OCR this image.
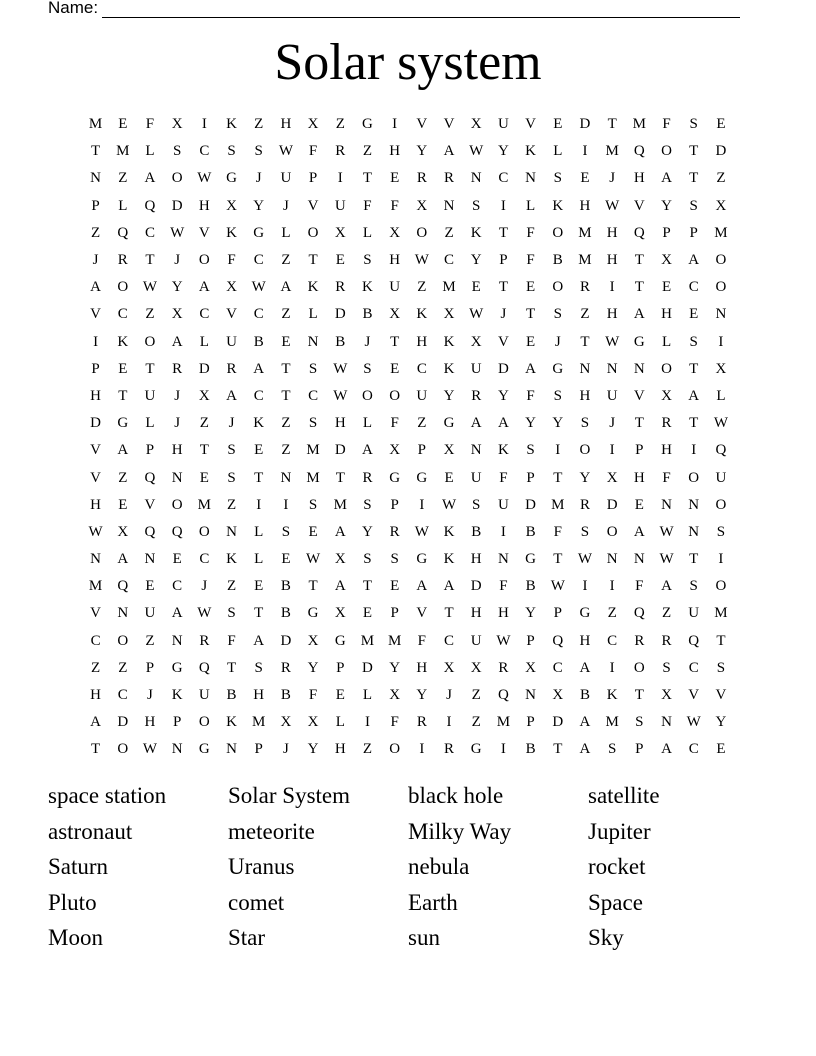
Name:
Solar system
M	E	F	X	I	K	Z	H	X	Z	G	I	V	V	X	U	V	E	D	T	M	F	S	E
T	M	L	S	C	S	S	W	F	R	Z	H	Y	A W Y	K	L	I	M	Q	O	T	D
N	Z	A	O W G	J	U	P	I	T	E	R	R	N	C	N	S	E	J	H	A	T	Z
P	L	Q	D	H	X	Y	J	V	U	F	F	X	N	S	I	L	K	H W V	Y	S	X
Z	Q	C	W V	K	G	L	O	X	L	X	O	Z	K	T	F	O	M	H	Q	P	P	M
J	R	T	J	O	F	C	Z	T	E	S	H W	C	Y	P	F	B	M	H	T	X	A	O
A	O W Y	A	X W A	K	R	K	U	Z	M	E	T	E	O	R	I	T	E	C	O
V	C	Z	X	C	V	C	Z	L	D	B	X	K	X W	J	T	S	Z	H	A	H	E	N
I	K	O	A	L	U	B	E	N	B	J	T	H	K	X	V	E	J	T	W G	L	S	I
P	E	T	R	D	R	A	T	S	W	S	E	C	K	U	D	A	G	N	N	N	O	T	X
H	T	U	J	X	A	C	T	C	W O	O	U	Y	R	Y	F	S	H	U	V	X	A	L
D	G	L	J	Z	J	K	Z	S	H	L	F	Z	G	A	A	Y	Y	S	J	T	R	T	W
V	A	P	H	T	S	E	Z	M	D	A	X	P	X	N	K	S	I	O	I	P	H	I	Q
V	Z	Q	N	E	S	T	N	M	T	R	G	G	E	U	F	P	T	Y	X	H	F	O	U
H	E	V	O	M	Z	I	I	S	M	S	P	I	W	S	U	D	M	R	D	E	N	N	O
W X	Q	Q	O	N	L	S	E	A	Y	R	W K	B	I	B	F	S	O	A W N	S
N	A	N	E	C	K	L	E	W X	S	S	G	K	H	N	G	T	W N	N W	T	I
M	Q	E	C	J	Z	E	B	T	A	T	E	A	A	D	F	B	W	I	I	F	A	S	O
V	N	U	A W	S	T	B	G	X	E	P	V	T	H	H	Y	P	G	Z	Q	Z	U	M
C	O	Z	N	R	F	A	D	X	G	M M	F	C	U W	P	Q	H	C	R	R	Q	T
Z	Z	P	G	Q	T	S	R	Y	P	D	Y	H	X	X	R	X	C	A	I	O	S	C	S
H	C	J	K	U	B	H	B	F	E	L	X	Y	J	Z	Q	N	X	B	K	T	X	V	V
A	D	H	P	O	K	M	X	X	L	I	F	R	I	Z	M	P	D	A	M	S	N W Y
T	O W N	G	N	P	J	Y	H	Z	O	I	R	G	I	B	T	A	S	P	A	C	E
space station	Solar System	black hole	satellite
astronaut	meteorite	Milky Way	Jupiter
Saturn	Uranus	nebula	rocket
Pluto	comet	Earth	Space
Moon	Star	sun	Sky
